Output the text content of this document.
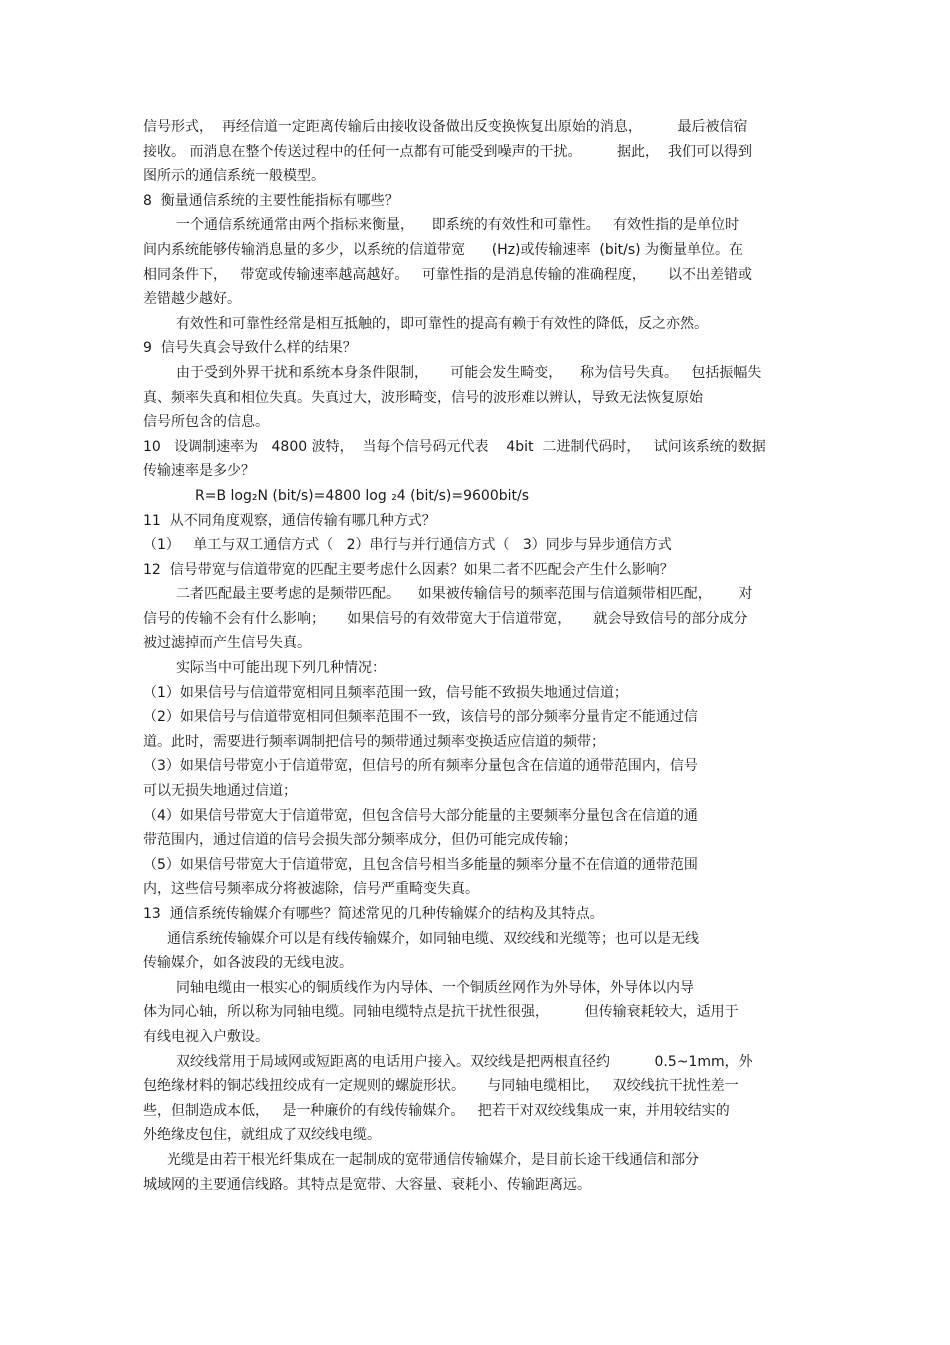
信号形式，  再经信道一定距离传输后由接收设备做出反变换恢复出原始的消息，        最后被信宿
接收。 而消息在整个传送过程中的任何一点都有可能受到噪声的干扰。        据此，  我们可以得到
图所示的通信系统一般模型。
8  衡量通信系统的主要性能指标有哪些？
一个通信系统通常由两个指标来衡量，    即系统的有效性和可靠性。   有效性指的是单位时
间内系统能够传输消息量的多少，以系统的信道带宽      (Hz)或传输速率  (bit/s) 为衡量单位。在
相同条件下，   带宽或传输速率越高越好。   可靠性指的是消息传输的准确程度，     以不出差错或
差错越少越好。
有效性和可靠性经常是相互抵触的，即可靠性的提高有赖于有效性的降低，反之亦然。
9  信号失真会导致什么样的结果？
由于受到外界干扰和系统本身条件限制，     可能会发生畸变，    称为信号失真。   包括振幅失
真、频率失真和相位失真。失真过大，波形畸变，信号的波形难以辨认，导致无法恢复原始
信号所包含的信息。
10   设调制速率为   4800 波特，  当每个信号码元代表    4bit  二进制代码时，   试问该系统的数据
传输速率是多少？
R=B log₂N (bit/s)=4800 log ₂4 (bit/s)=9600bit/s
11  从不同角度观察，通信传输有哪几种方式？
（1）   单工与双工通信方式（   2）串行与并行通信方式（   3）同步与异步通信方式
12  信号带宽与信道带宽的匹配主要考虑什么因素？如果二者不匹配会产生什么影响？
二者匹配最主要考虑的是频带匹配。    如果被传输信号的频率范围与信道频带相匹配，      对
信号的传输不会有什么影响；     如果信号的有效带宽大于信道带宽，     就会导致信号的部分成分
被过滤掉而产生信号失真。
实际当中可能出现下列几种情况：
（1）如果信号与信道带宽相同且频率范围一致，信号能不致损失地通过信道；
（2）如果信号与信道带宽相同但频率范围不一致，该信号的部分频率分量肯定不能通过信
道。此时，需要进行频率调制把信号的频带通过频率变换适应信道的频带；
（3）如果信号带宽小于信道带宽，但信号的所有频率分量包含在信道的通带范围内，信号
可以无损失地通过信道；
（4）如果信号带宽大于信道带宽，但包含信号大部分能量的主要频率分量包含在信道的通
带范围内，通过信道的信号会损失部分频率成分，但仍可能完成传输；
（5）如果信号带宽大于信道带宽，且包含信号相当多能量的频率分量不在信道的通带范围
内，这些信号频率成分将被滤除，信号严重畸变失真。
13  通信系统传输媒介有哪些？简述常见的几种传输媒介的结构及其特点。
通信系统传输媒介可以是有线传输媒介，如同轴电缆、双绞线和光缆等；也可以是无线
传输媒介，如各波段的无线电波。
同轴电缆由一根实心的铜质线作为内导体、一个铜质丝网作为外导体，外导体以内导
体为同心轴，所以称为同轴电缆。同轴电缆特点是抗干扰性很强，        但传输衰耗较大，适用于
有线电视入户敷设。
双绞线常用于局域网或短距离的电话用户接入。双绞线是把两根直径约          0.5~1mm，外
包绝缘材料的铜芯线扭绞成有一定规则的螺旋形状。     与同轴电缆相比，   双绞线抗干扰性差一
些，但制造成本低，   是一种廉价的有线传输媒介。   把若干对双绞线集成一束，并用较结实的
外绝缘皮包住，就组成了双绞线电缆。
光缆是由若干根光纤集成在一起制成的宽带通信传输媒介，是目前长途干线通信和部分
城域网的主要通信线路。其特点是宽带、大容量、衰耗小、传输距离远。
